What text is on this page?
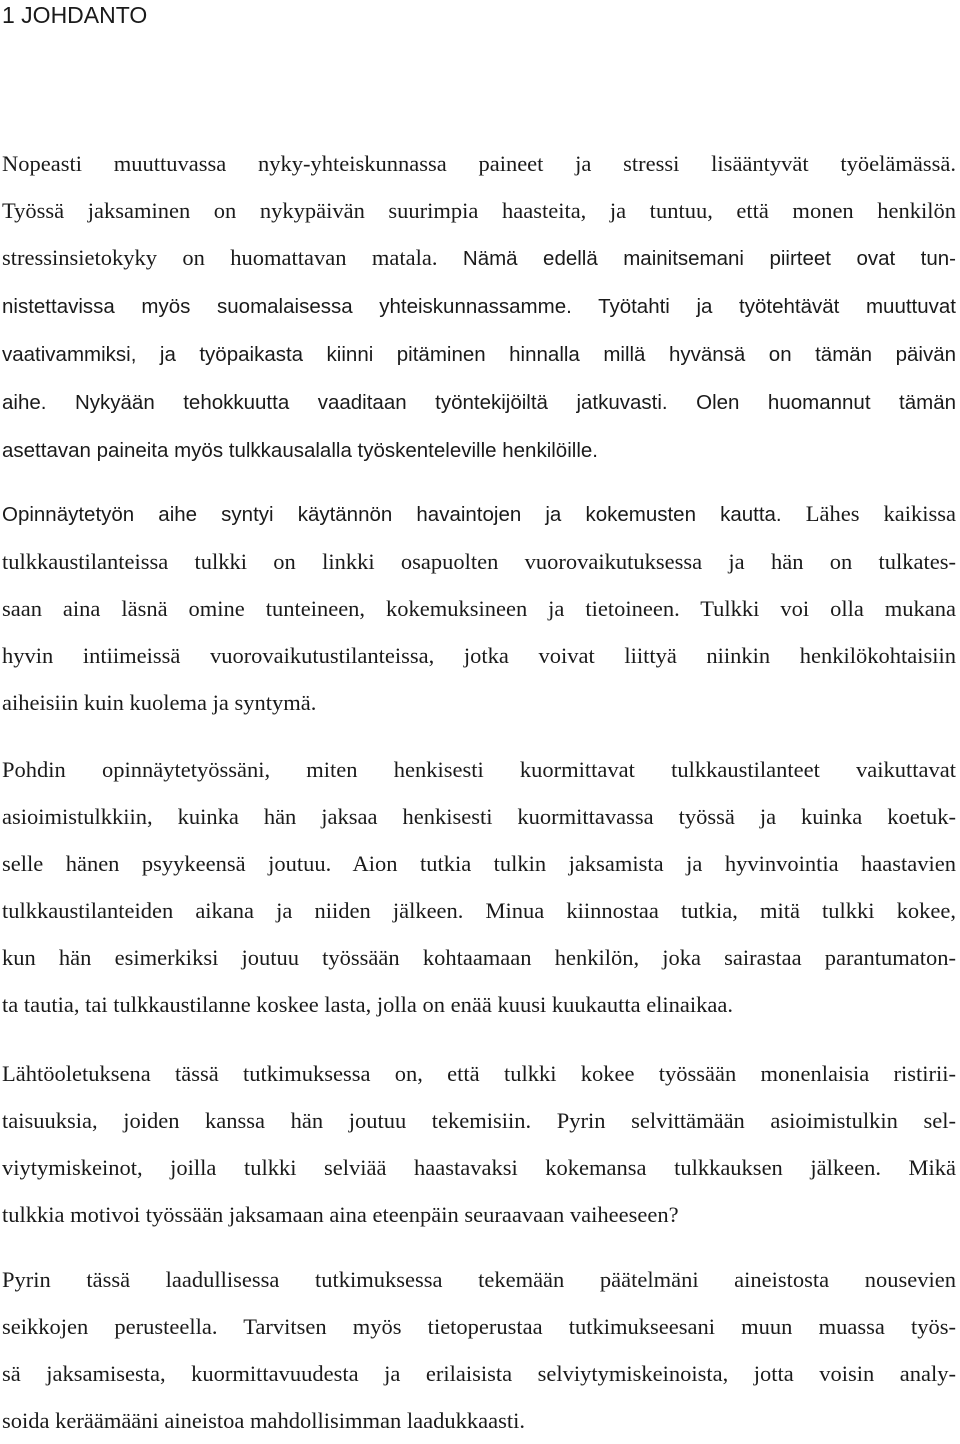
1 JOHDANTO
Nopeasti muuttuvassa nyky-yhteiskunnassa paineet ja stressi lisääntyvät työelämässä.
Työssä jaksaminen on nykypäivän suurimpia haasteita, ja tuntuu, että monen henkilön
stressinsietokyky on huomattavan matala. Nämä edellä mainitsemani piirteet ovat tun-
nistettavissa myös suomalaisessa yhteiskunnassamme. Työtahti ja työtehtävät muuttuvat
vaativammiksi, ja työpaikasta kiinni pitäminen hinnalla millä hyvänsä on tämän päivän
aihe. Nykyään tehokkuutta vaaditaan työntekijöiltä jatkuvasti. Olen huomannut tämän
asettavan paineita myös tulkkausalalla työskenteleville henkilöille.
Opinnäytetyön aihe syntyi käytännön havaintojen ja kokemusten kautta. Lähes kaikissa
tulkkaustilanteissa tulkki on linkki osapuolten vuorovaikutuksessa ja hän on tulkates-
saan aina läsnä omine tunteineen, kokemuksineen ja tietoineen. Tulkki voi olla mukana
hyvin intiimeissä vuorovaikutustilanteissa, jotka voivat liittyä niinkin henkilökohtaisiin
aiheisiin kuin kuolema ja syntymä.
Pohdin opinnäytetyössäni, miten henkisesti kuormittavat tulkkaustilanteet vaikuttavat
asioimistulkkiin, kuinka hän jaksaa henkisesti kuormittavassa työssä ja kuinka koetuk-
selle hänen psyykeensä joutuu. Aion tutkia tulkin jaksamista ja hyvinvointia haastavien
tulkkaustilanteiden aikana ja niiden jälkeen. Minua kiinnostaa tutkia, mitä tulkki kokee,
kun hän esimerkiksi joutuu työssään kohtaamaan henkilön, joka sairastaa parantumaton-
ta tautia, tai tulkkaustilanne koskee lasta, jolla on enää kuusi kuukautta elinaikaa.
Lähtöoletuksena tässä tutkimuksessa on, että tulkki kokee työssään monenlaisia ristirii-
taisuuksia, joiden kanssa hän joutuu tekemisiin. Pyrin selvittämään asioimistulkin sel-
viytymiskeinot, joilla tulkki selviää haastavaksi kokemansa tulkkauksen jälkeen. Mikä
tulkkia motivoi työssään jaksamaan aina eteenpäin seuraavaan vaiheeseen?
Pyrin tässä laadullisessa tutkimuksessa tekemään päätelmäni aineistosta nousevien
seikkojen perusteella. Tarvitsen myös tietoperustaa tutkimukseesani muun muassa työs-
sä jaksamisesta, kuormittavuudesta ja erilaisista selviytymiskeinoista, jotta voisin analy-
soida keräämääni aineistoa mahdollisimman laadukkaasti.
